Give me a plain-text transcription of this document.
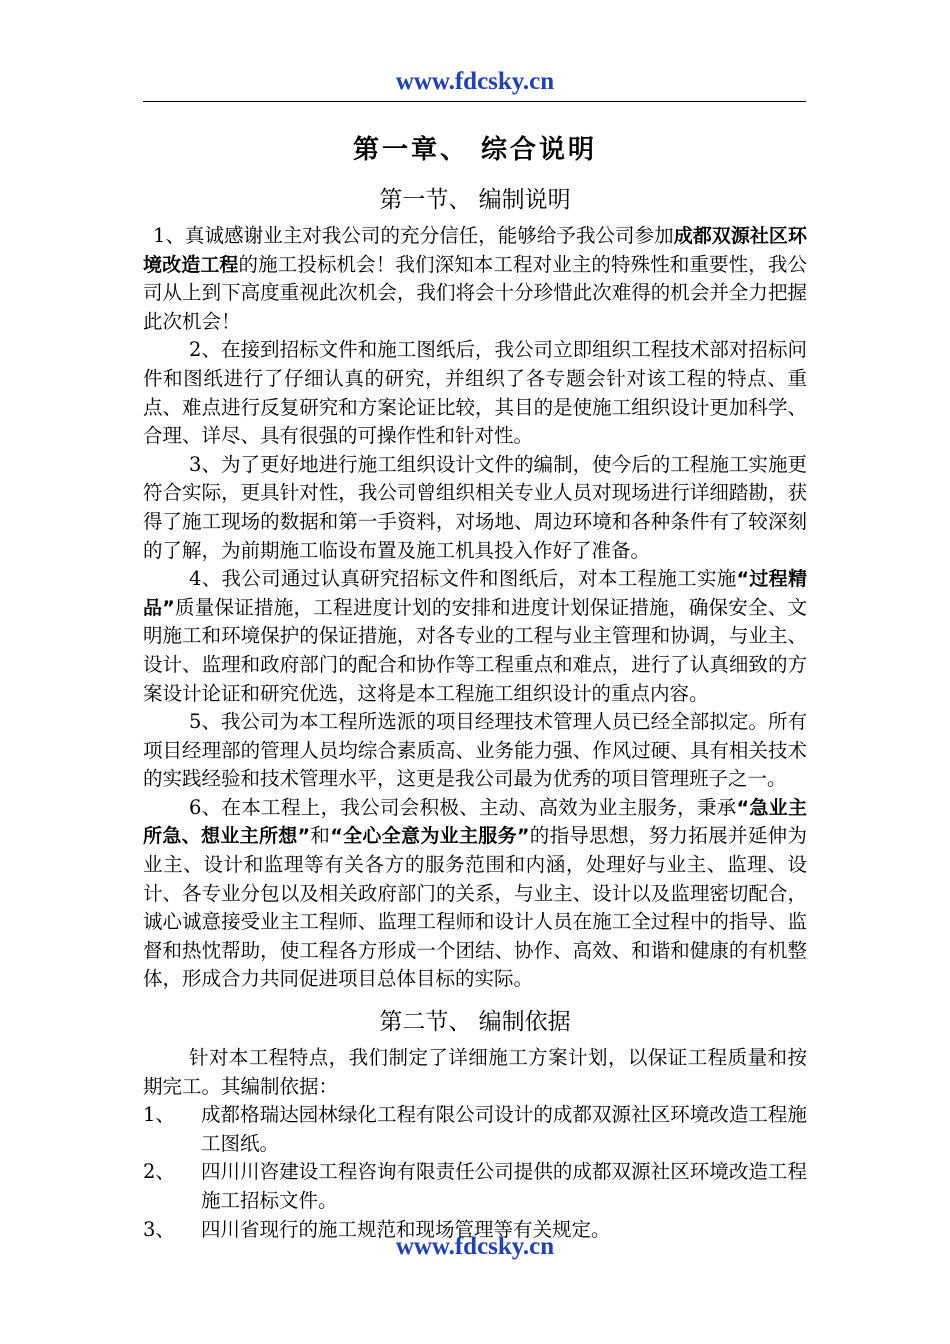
www.fdcsky.cn
第一章、 综合说明
第一节、 编制说明

1、真诚感谢业主对我公司的充分信任，能够给予我公司参加成都双源社区环境改造工程的施工投标机会！我们深知本工程对业主的特殊性和重要性，我公司从上到下高度重视此次机会，我们将会十分珍惜此次难得的机会并全力把握此次机会！

2、在接到招标文件和施工图纸后，我公司立即组织工程技术部对招标问件和图纸进行了仔细认真的研究，并组织了各专题会针对该工程的特点、重点、难点进行反复研究和方案论证比较，其目的是使施工组织设计更加科学、合理、详尽、具有很强的可操作性和针对性。

3、为了更好地进行施工组织设计文件的编制，使今后的工程施工实施更符合实际，更具针对性，我公司曾组织相关专业人员对现场进行详细踏勘，获得了施工现场的数据和第一手资料，对场地、周边环境和各种条件有了较深刻的了解，为前期施工临设布置及施工机具投入作好了准备。

4、我公司通过认真研究招标文件和图纸后，对本工程施工实施“过程精品”质量保证措施，工程进度计划的安排和进度计划保证措施，确保安全、文明施工和环境保护的保证措施，对各专业的工程与业主管理和协调，与业主、设计、监理和政府部门的配合和协作等工程重点和难点，进行了认真细致的方案设计论证和研究优选，这将是本工程施工组织设计的重点内容。

5、我公司为本工程所选派的项目经理技术管理人员已经全部拟定。所有项目经理部的管理人员均综合素质高、业务能力强、作风过硬、具有相关技术的实践经验和技术管理水平，这更是我公司最为优秀的项目管理班子之一。

6、在本工程上，我公司会积极、主动、高效为业主服务，秉承“急业主所急、想业主所想”和“全心全意为业主服务”的指导思想，努力拓展并延伸为业主、设计和监理等有关各方的服务范围和内涵，处理好与业主、监理、设计、各专业分包以及相关政府部门的关系，与业主、设计以及监理密切配合，诚心诚意接受业主工程师、监理工程师和设计人员在施工全过程中的指导、监督和热忱帮助，使工程各方形成一个团结、协作、高效、和谐和健康的有机整体，形成合力共同促进项目总体目标的实际。

第二节、 编制依据

针对本工程特点，我们制定了详细施工方案计划，以保证工程质量和按期完工。其编制依据：

1、	成都格瑞达园林绿化工程有限公司设计的成都双源社区环境改造工程施工图纸。
2、	四川川咨建设工程咨询有限责任公司提供的成都双源社区环境改造工程施工招标文件。
3、	四川省现行的施工规范和现场管理等有关规定。
www.fdcsky.cn
